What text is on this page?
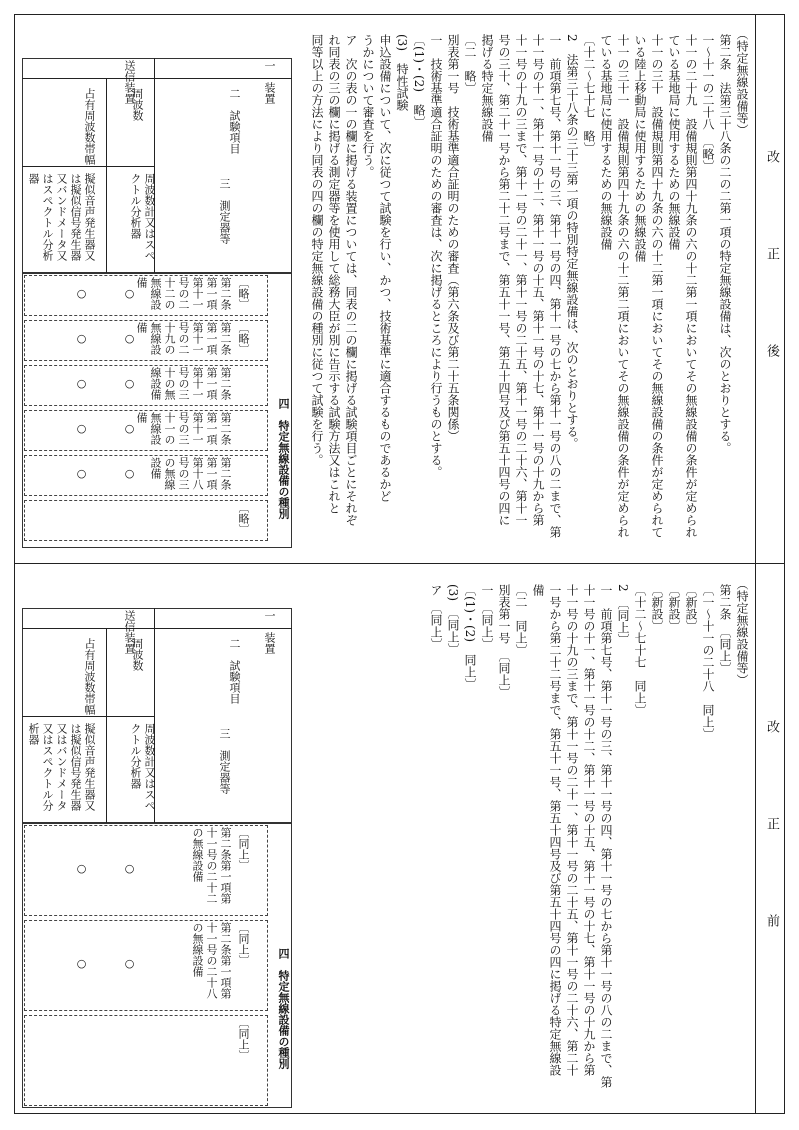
改 正 後
改 正 前
（特定無線設備等）
第二条　法第三十八条の二の二第一項の特定無線設備は、次のとおりとする。
一〜十一の二十八　〔略〕
十一の二十九　設備規則第四十九条の六の十二第一項においてその無線設備の条件が定められ
ている基地局に使用するための無線設備
十一の三十　設備規則第四十九条の六の十二第一項においてその無線設備の条件が定められて
いる陸上移動局に使用するための無線設備
十一の三十一　設備規則第四十九条の六の十二第二項においてその無線設備の条件が定められ
ている基地局に使用するための無線設備
〔十二〜七十七　略〕
2　法第三十八条の三十三第一項の特別特定無線設備は、次のとおりとする。
一　前項第七号、第十一号の三、第十一号の四、第十一号の七から第十一号の八の二まで、第
十一号の十一、第十一号の十二、第十一号の十五、第十一号の十七、第十一号の十九から第
十一号の十九の三まで、第十一号の二十一、第十一号の二十五、第十一号の二十六、第十一
号の三十、第二十一号から第二十二号まで、第五十一号、第五十四号及び第五十四号の四に
掲げる特定無線設備
〔二　略〕
別表第一号　技術基準適合証明のための審査（第六条及び第二十五条関係）
一　技術基準適合証明のための審査は、次に掲げるところにより行うものとする。
〔(1)・(2)　略〕
(3)　特性試験
申込設備について、次に従つて試験を行い、かつ、技術基準に適合するものであるかど
うかについて審査を行う。
ア　次の表の一の欄に掲げる装置については、同表の二の欄に掲げる試験項目ごとにそれぞ
れ同表の三の欄に掲げる測定器等を使用して総務大臣が別に告示する試験方法又はこれと
同等以上の方法により同表の四の欄の特定無線設備の種別に従つて試験を行う。
一　装置
送信装置
二　試験項目
周波数
占有周波数帯幅
三　測定器等
周波数計又はスペクトル分析器
擬似音声発生器又は擬似信号発生器又バンドメータ又はスペクトル分析器
四　特定無線設備の種別
〔略〕
第二条第一項第十一号の二十二の無線設備
○
○
〔略〕
第二条第一項第十一号の二十九の無線設備
○
○
第二条第一項第十一号の三十の無線設備
○
○
第二条第一項第十一号の三十一の無線設備
○
○
第二条第一項第十八号の三の無線設備
○
○
〔略〕
（特定無線設備等）
第二条　〔同上〕
〔一〜十一の二十八　同上〕
〔新設〕
〔新設〕
〔新設〕
〔十二〜七十七　同上〕
2　〔同上〕
一　前項第七号、第十一号の三、第十一号の四、第十一号の七から第十一号の八の二まで、第
十一号の十一、第十一号の十二、第十一号の十五、第十一号の十七、第十一号の十九から第
十一号の十九の三まで、第十一号の二十一、第十一号の二十五、第十一号の二十六、第二十
一号から第二十二号まで、第五十一号、第五十四号及び第五十四号の四に掲げる特定無線設
備
〔二　同上〕
別表第一号　〔同上〕
一　〔同上〕
〔(1)・(2)　同上〕
(3)　〔同上〕
ア　〔同上〕
一　装置
送信装置
二　試験項目
周波数
占有周波数帯幅
三　測定器等
周波数計又はスペクトル分析器
擬似音声発生器又は擬似信号発生器又はバンドメータ又はスペクトル分析器
四　特定無線設備の種別
〔同上〕
第二条第一項第十一号の二十二の無線設備
○
○
〔同上〕
第二条第一項第十一号の二十八の無線設備
○
○
〔同上〕
